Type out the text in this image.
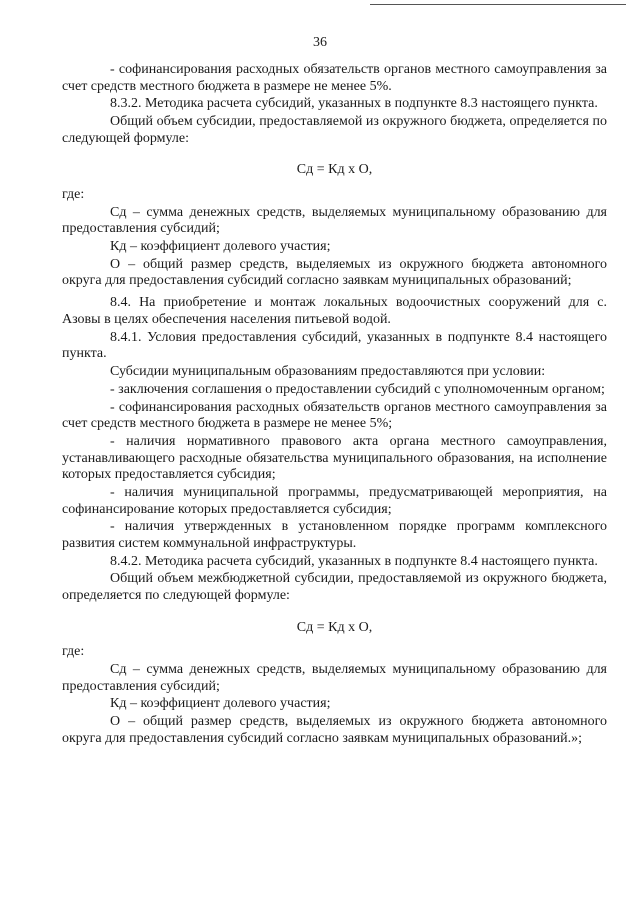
36

- софинансирования расходных обязательств органов местного самоуправления за счет средств местного бюджета в размере не менее 5%.

8.3.2. Методика расчета субсидий, указанных в подпункте 8.3 настоящего пункта.

Общий объем субсидии, предоставляемой из окружного бюджета, определяется по следующей формуле:

Сд = Кд х О,

где:

Сд – сумма денежных средств, выделяемых муниципальному образованию для предоставления субсидий;

Кд – коэффициент долевого участия;

О – общий размер средств, выделяемых из окружного бюджета автономного округа для предоставления субсидий согласно заявкам муниципальных образований;

8.4. На приобретение и монтаж локальных водоочистных сооружений для с. Азовы в целях обеспечения населения питьевой водой.

8.4.1. Условия предоставления субсидий, указанных в подпункте 8.4 настоящего пункта.

Субсидии муниципальным образованиям предоставляются при условии:

- заключения соглашения о предоставлении субсидий с уполномоченным органом;

- софинансирования расходных обязательств органов местного самоуправления за счет средств местного бюджета в размере не менее 5%;

- наличия нормативного правового акта органа местного самоуправления, устанавливающего расходные обязательства муниципального образования, на исполнение которых предоставляется субсидия;

- наличия муниципальной программы, предусматривающей мероприятия, на софинансирование которых предоставляется субсидия;

- наличия утвержденных в установленном порядке программ комплексного развития систем коммунальной инфраструктуры.

8.4.2. Методика расчета субсидий, указанных в подпункте 8.4 настоящего пункта.

Общий объем межбюджетной субсидии, предоставляемой из окружного бюджета, определяется по следующей формуле:

Сд = Кд х О,

где:

Сд – сумма денежных средств, выделяемых муниципальному образованию для предоставления субсидий;

Кд – коэффициент долевого участия;

О – общий размер средств, выделяемых из окружного бюджета автономного округа для предоставления субсидий согласно заявкам муниципальных образований.»;
